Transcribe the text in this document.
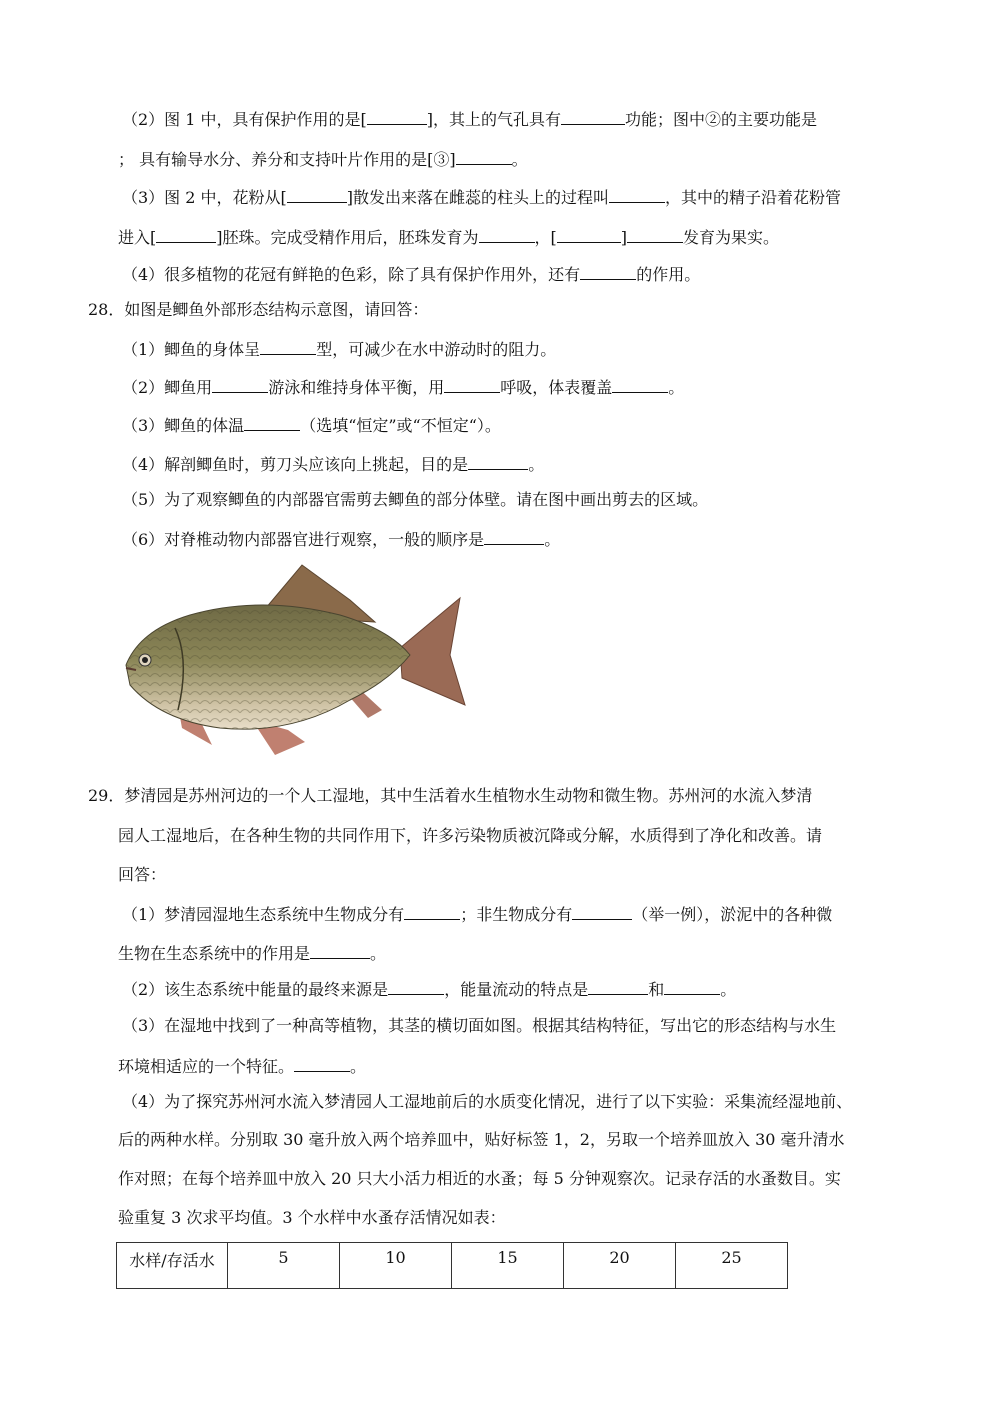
（2）图 1 中，具有保护作用的是[	]，其上的气孔具有	功能；图中②的主要功能是
； 具有输导水分、养分和支持叶片作用的是[③]	。
（3）图 2 中，花粉从[	]散发出来落在雌蕊的柱头上的过程叫	，其中的精子沿着花粉管
进入[	]胚珠。完成受精作用后，胚珠发育为	，[	]	发育为果实。
（4）很多植物的花冠有鲜艳的色彩，除了具有保护作用外，还有	的作用。
28．如图是鲫鱼外部形态结构示意图，请回答：
（1）鲫鱼的身体呈	型，可减少在水中游动时的阻力。
（2）鲫鱼用	游泳和维持身体平衡，用	呼吸，体表覆盖	。
（3）鲫鱼的体温	（选填“恒定”或“不恒定“）。
（4）解剖鲫鱼时，剪刀头应该向上挑起，目的是	。
（5）为了观察鲫鱼的内部器官需剪去鲫鱼的部分体壁。请在图中画出剪去的区域。
（6）对脊椎动物内部器官进行观察，一般的顺序是	。
29．梦清园是苏州河边的一个人工湿地，其中生活着水生植物水生动物和微生物。苏州河的水流入梦清
园人工湿地后，在各种生物的共同作用下，许多污染物质被沉降或分解，水质得到了净化和改善。请
回答：
（1）梦清园湿地生态系统中生物成分有	；非生物成分有	（举一例），淤泥中的各种微
生物在生态系统中的作用是	。
（2）该生态系统中能量的最终来源是	，能量流动的特点是	和	。
（3）在湿地中找到了一种高等植物，其茎的横切面如图。根据其结构特征，写出它的形态结构与水生
环境相适应的一个特征。	。
（4）为了探究苏州河水流入梦清园人工湿地前后的水质变化情况，进行了以下实验：采集流经湿地前、
后的两种水样。分别取 30 毫升放入两个培养皿中，贴好标签 1，2，另取一个培养皿放入 30 毫升清水
作对照；在每个培养皿中放入 20 只大小活力相近的水蚤；每 5 分钟观察次。记录存活的水蚤数目。实
验重复 3 次求平均值。3 个水样中水蚤存活情况如表：
水样/存活水	5	10	15	20	25
